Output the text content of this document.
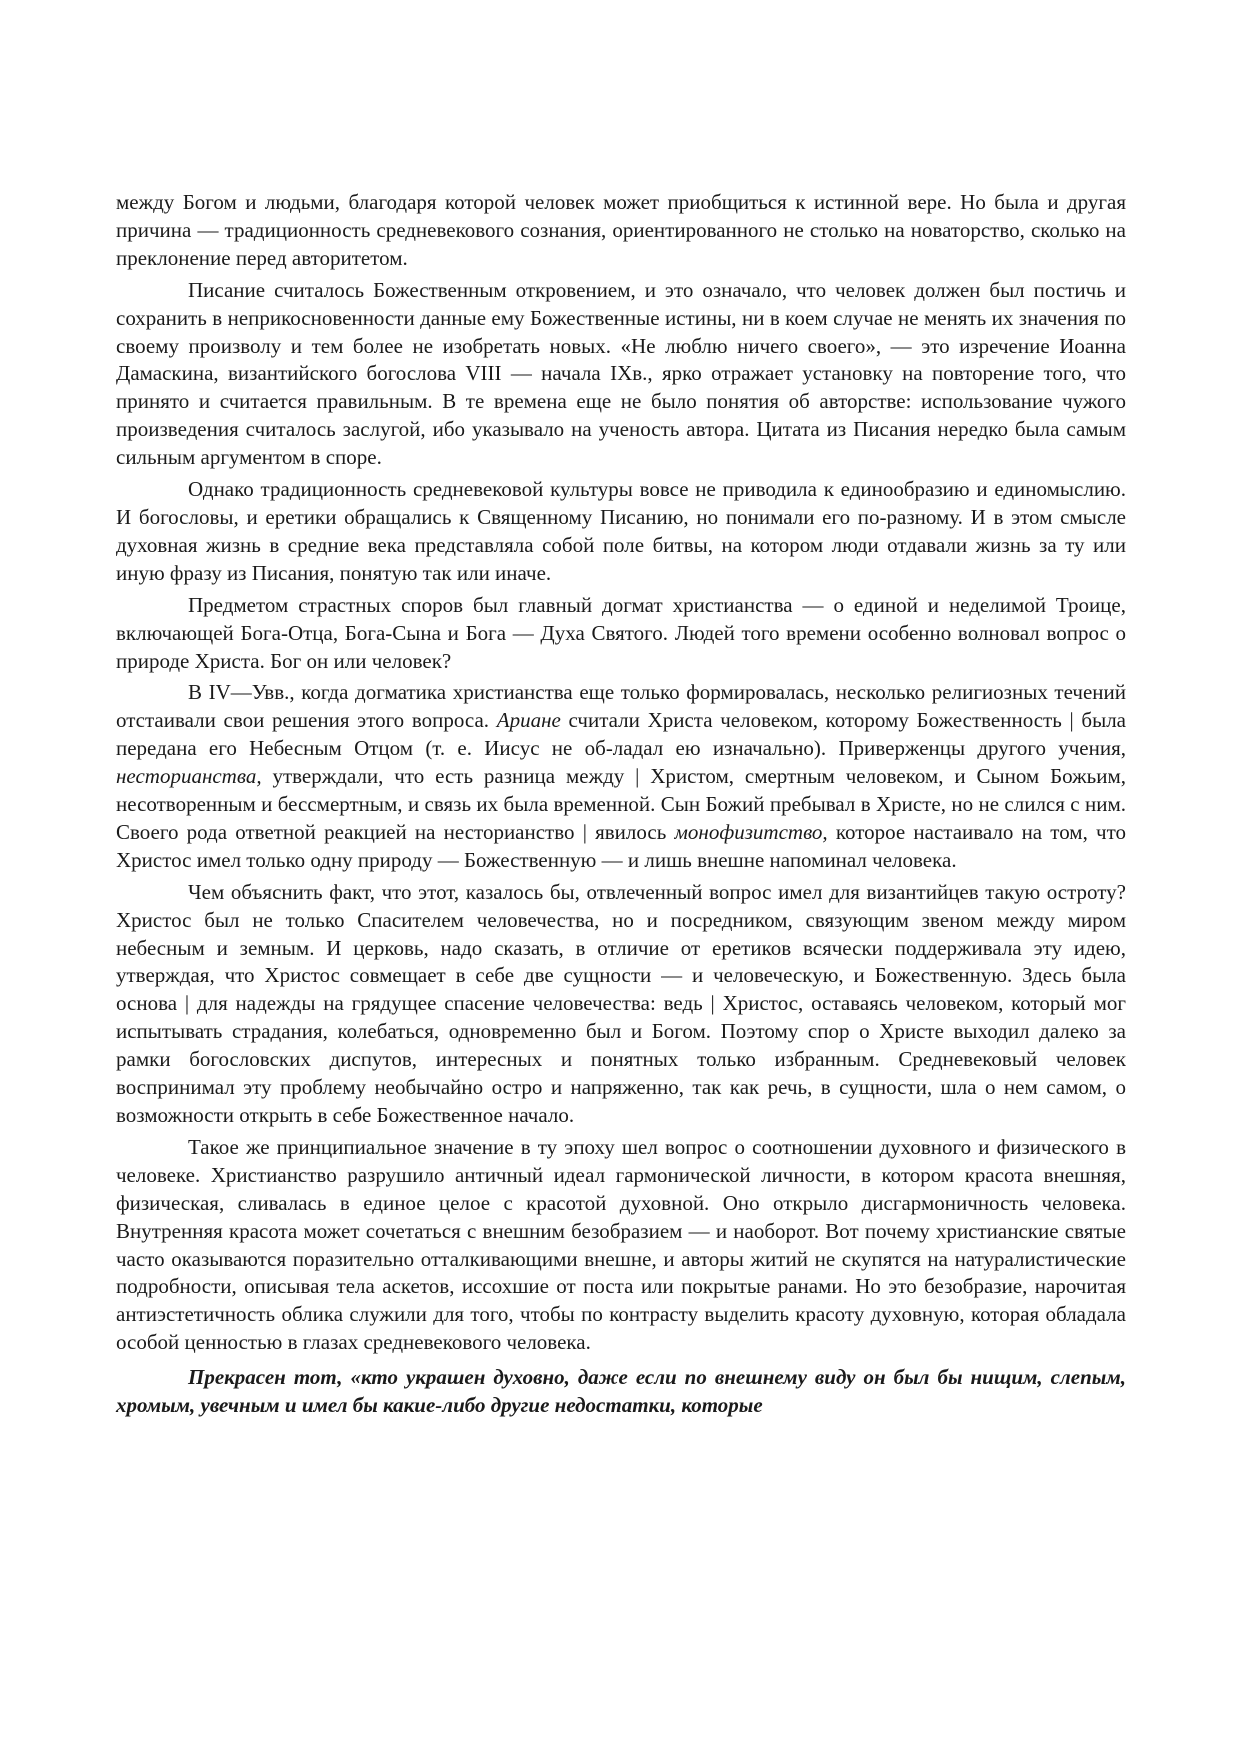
между Богом и людьми, благодаря которой человек может приобщиться к истинной вере. Но была и другая причина — традиционность средневекового сознания, ориентированного не столько на новаторство, сколько на преклонение перед авторитетом.

Писание считалось Божественным откровением, и это означало, что человек должен был постичь и сохранить в неприкосновенности данные ему Божественные истины, ни в коем случае не менять их значения по своему произволу и тем более не изобретать новых. «Не люблю ничего своего», — это изречение Иоанна Дамаскина, византийского богослова VIII — начала IXв., ярко отражает установку на повторение того, что принято и считается правильным. В те времена еще не было понятия об авторстве: использование чужого произведения считалось заслугой, ибо указывало на ученость автора. Цитата из Писания нередко была самым сильным аргументом в споре.

Однако традиционность средневековой культуры вовсе не приводила к единообразию и единомыслию. И богословы, и еретики обращались к Священному Писанию, но понимали его по-разному. И в этом смысле духовная жизнь в средние века представляла собой поле битвы, на котором люди отдавали жизнь за ту или иную фразу из Писания, понятую так или иначе.

Предметом страстных споров был главный догмат христианства — о единой и неделимой Троице, включающей Бога-Отца, Бога-Сына и Бога — Духа Святого. Людей того времени особенно волновал вопрос о природе Христа. Бог он или человек?

В IV—Увв., когда догматика христианства еще только формировалась, несколько религиозных течений отстаивали свои решения этого вопроса. Ариане считали Христа человеком, которому Божественность | была передана его Небесным Отцом (т. е. Иисус не об-ладал ею изначально). Приверженцы другого учения, несторианства, утверждали, что есть разница между | Христом, смертным человеком, и Сыном Божьим, несотворенным и бессмертным, и связь их была временной. Сын Божий пребывал в Христе, но не слился с ним. Своего рода ответной реакцией на несторианство | явилось монофизитство, которое настаивало на том, что Христос имел только одну природу — Божественную — и лишь внешне напоминал человека.

Чем объяснить факт, что этот, казалось бы, отвлеченный вопрос имел для византийцев такую остроту? Христос был не только Спасителем человечества, но и посредником, связующим звеном между миром небесным и земным. И церковь, надо сказать, в отличие от еретиков всячески поддерживала эту идею, утверждая, что Христос совмещает в себе две сущности — и человеческую, и Божественную. Здесь была основа | для надежды на грядущее спасение человечества: ведь | Христос, оставаясь человеком, который мог испытывать страдания, колебаться, одновременно был и Богом. Поэтому спор о Христе выходил далеко за рамки богословских диспутов, интересных и понятных только избранным. Средневековый человек воспринимал эту проблему необычайно остро и напряженно, так как речь, в сущности, шла о нем самом, о возможности открыть в себе Божественное начало.

Такое же принципиальное значение в ту эпоху шел вопрос о соотношении духовного и физического в человеке. Христианство разрушило античный идеал гармонической личности, в котором красота внешняя, физическая, сливалась в единое целое с красотой духовной. Оно открыло дисгармоничность человека. Внутренняя красота может сочетаться с внешним безобразием — и наоборот. Вот почему христианские святые часто оказываются поразительно отталкивающими внешне, и авторы житий не скупятся на натуралистические подробности, описывая тела аскетов, иссохшие от поста или покрытые ранами. Но это безобразие, нарочитая антиэстетичность облика служили для того, чтобы по контрасту выделить красоту духовную, которая обладала особой ценностью в глазах средневекового человека.

Прекрасен тот, «кто украшен духовно, даже если по внешнему виду он был бы нищим, слепым, хромым, увечным и имел бы какие-либо другие недостатки, которые
